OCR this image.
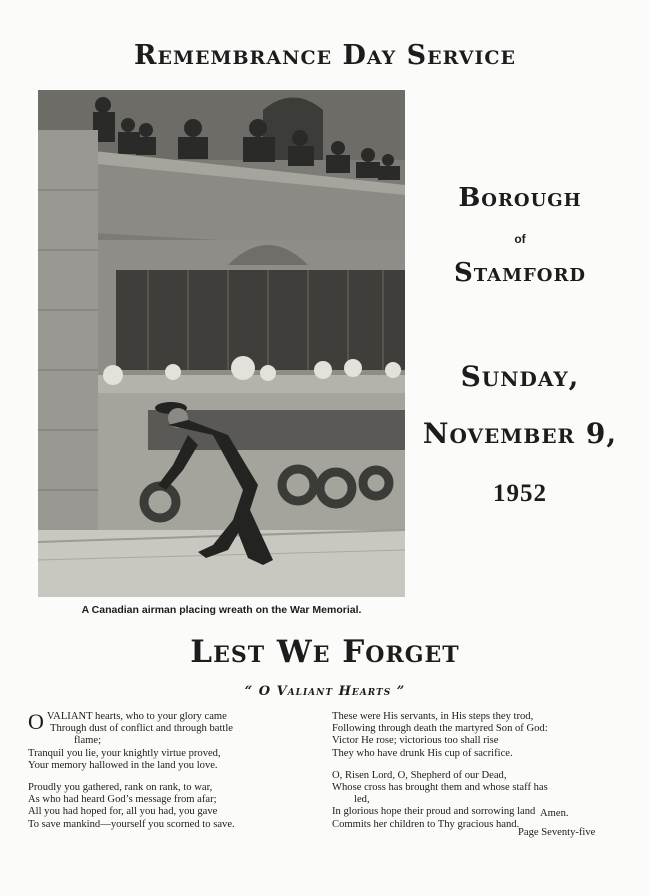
Remembrance Day Service
A Canadian airman placing wreath on the War Memorial.
Borough
of
Stamford
Sunday,
November 9,
1952
Lest We Forget
“ O Valiant Hearts ”
O VALIANT hearts, who to your glory came
Through dust of conflict and through battle
flame;
Tranquil you lie, your knightly virtue proved,
Your memory hallowed in the land you love.
Proudly you gathered, rank on rank, to war,
As who had heard God’s message from afar;
All you had hoped for, all you had, you gave
To save mankind—yourself you scorned to save.
These were His servants, in His steps they trod,
Following through death the martyred Son of God:
Victor He rose; victorious too shall rise
They who have drunk His cup of sacrifice.
O, Risen Lord, O, Shepherd of our Dead,
Whose cross has brought them and whose staff has
led,
In glorious hope their proud and sorrowing land
Commits her children to Thy gracious hand.
Amen.
Page Seventy-five
